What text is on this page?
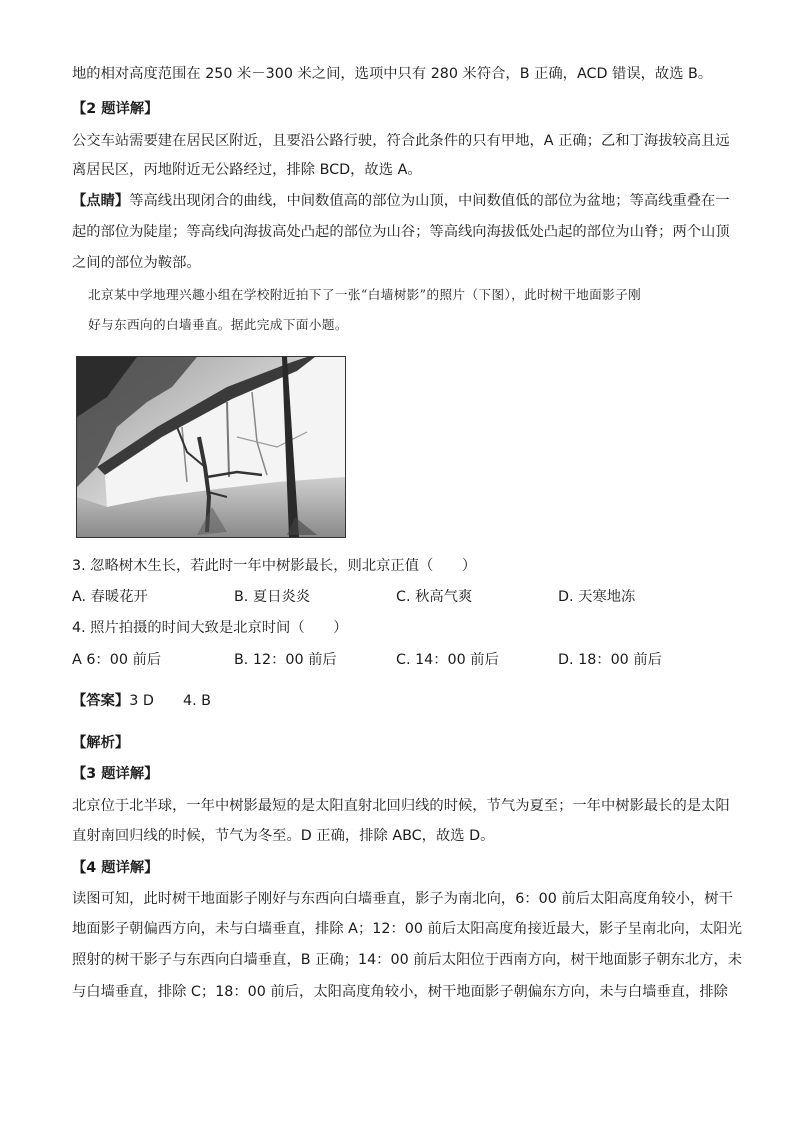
地的相对高度范围在 250 米－300 米之间，选项中只有 280 米符合，B 正确，ACD 错误，故选 B。
【2 题详解】
公交车站需要建在居民区附近，且要沿公路行驶，符合此条件的只有甲地，A 正确；乙和丁海拔较高且远
离居民区，丙地附近无公路经过，排除 BCD，故选 A。
【点睛】等高线出现闭合的曲线，中间数值高的部位为山顶，中间数值低的部位为盆地；等高线重叠在一
起的部位为陡崖；等高线向海拔高处凸起的部位为山谷；等高线向海拔低处凸起的部位为山脊；两个山顶
之间的部位为鞍部。
北京某中学地理兴趣小组在学校附近拍下了一张“白墙树影”的照片（下图），此时树干地面影子刚
好与东西向的白墙垂直。据此完成下面小题。
3. 忽略树木生长，若此时一年中树影最长，则北京正值（　　）
A. 春暖花开	B. 夏日炎炎	C. 秋高气爽	D. 天寒地冻
4. 照片拍摄的时间大致是北京时间（　　）
A 6：00 前后	B. 12：00 前后	C. 14：00 前后	D. 18：00 前后
【答案】3 D 4. B
【解析】
【3 题详解】
北京位于北半球，一年中树影最短的是太阳直射北回归线的时候，节气为夏至；一年中树影最长的是太阳
直射南回归线的时候，节气为冬至。D 正确，排除 ABC，故选 D。
【4 题详解】
读图可知，此时树干地面影子刚好与东西向白墙垂直，影子为南北向，6：00 前后太阳高度角较小，树干
地面影子朝偏西方向，未与白墙垂直，排除 A；12：00 前后太阳高度角接近最大，影子呈南北向，太阳光
照射的树干影子与东西向白墙垂直，B 正确；14：00 前后太阳位于西南方向，树干地面影子朝东北方，未
与白墙垂直，排除 C；18：00 前后，太阳高度角较小，树干地面影子朝偏东方向，未与白墙垂直，排除
